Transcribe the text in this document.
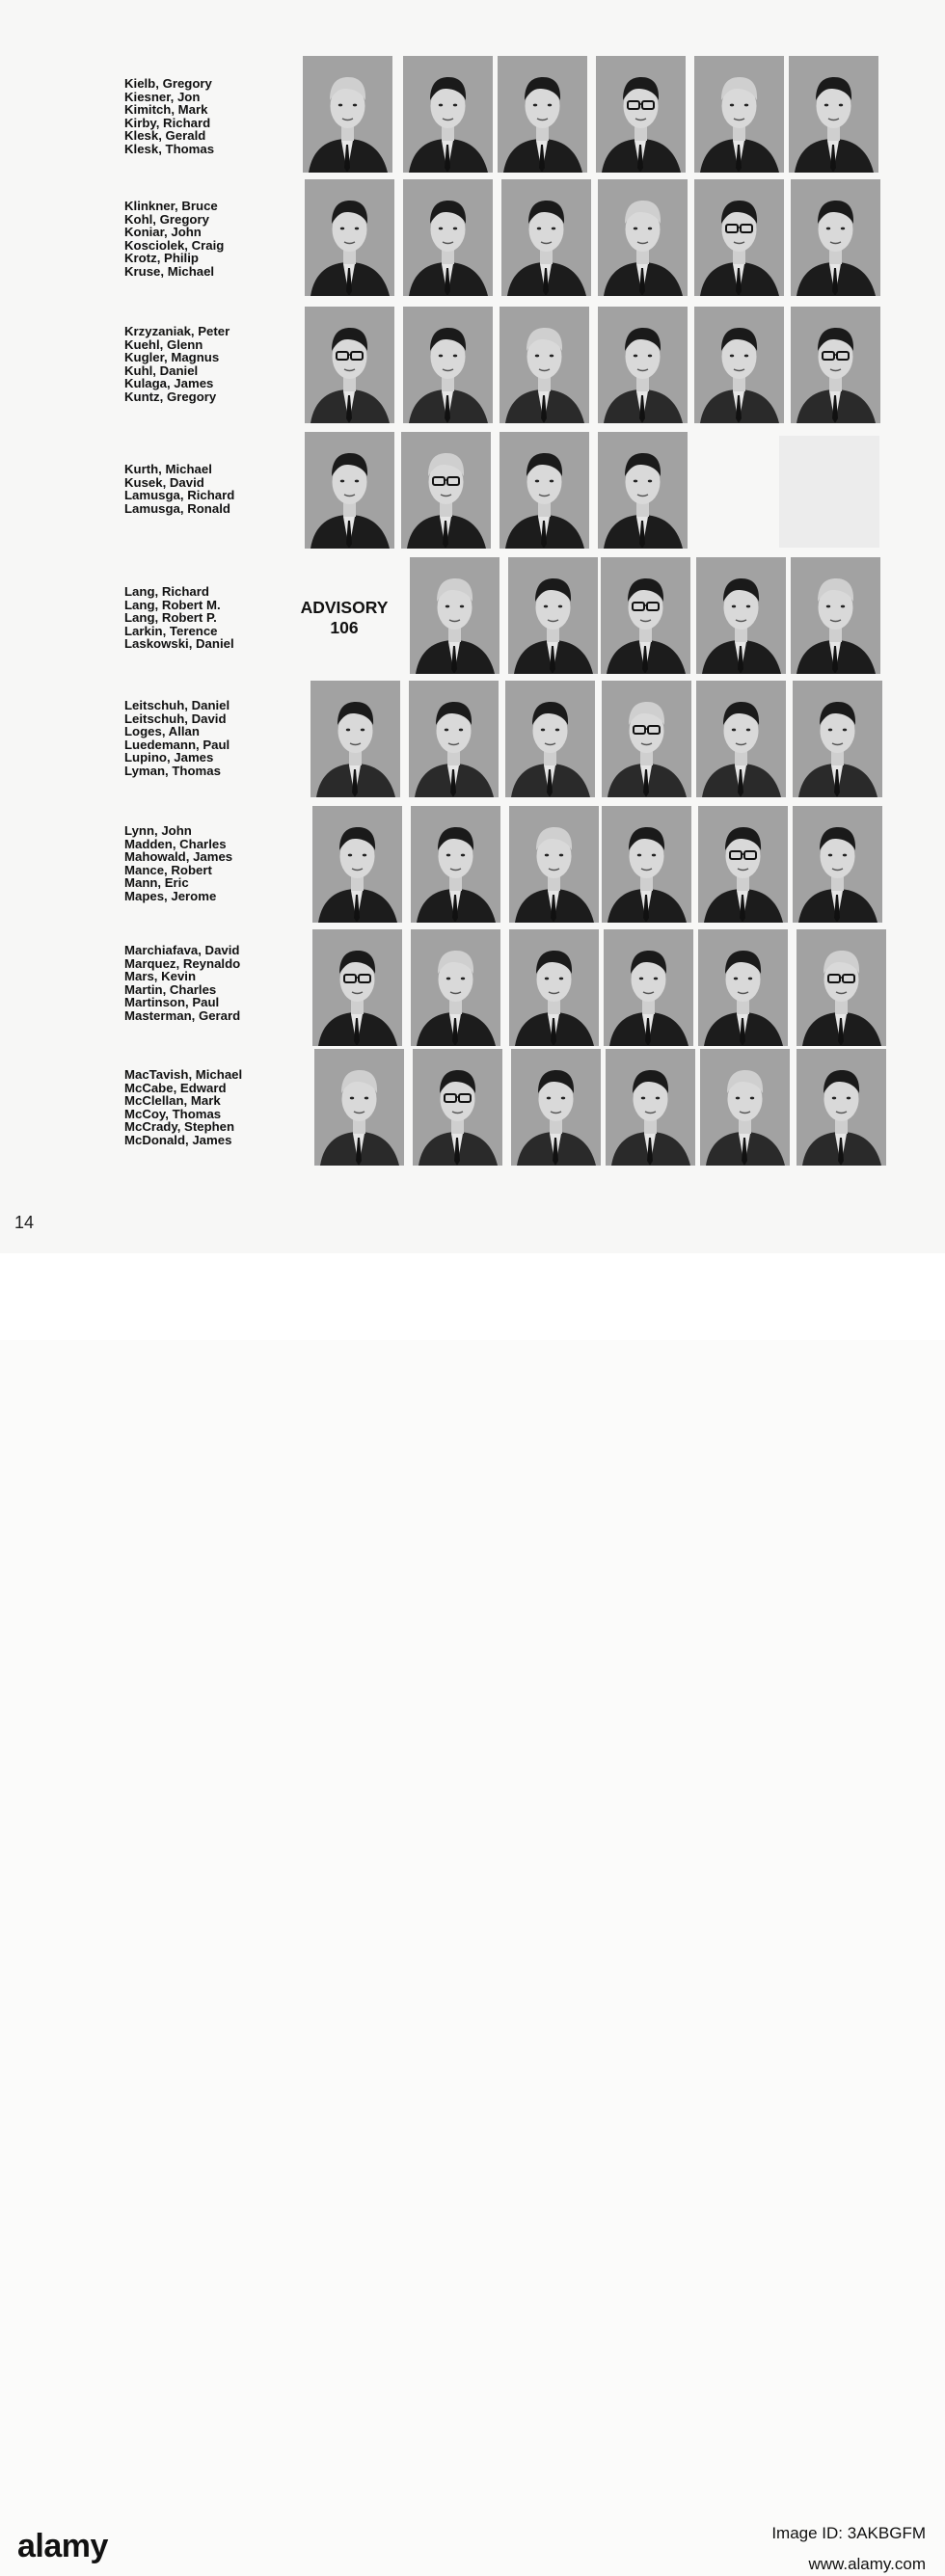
Kielb, Gregory
Kiesner, Jon
Kimitch, Mark
Kirby, Richard
Klesk, Gerald
Klesk, Thomas
Klinkner, Bruce
Kohl, Gregory
Koniar, John
Kosciolek, Craig
Krotz, Philip
Kruse, Michael
Krzyzaniak, Peter
Kuehl, Glenn
Kugler, Magnus
Kuhl, Daniel
Kulaga, James
Kuntz, Gregory
Kurth, Michael
Kusek, David
Lamusga, Richard
Lamusga, Ronald
Lang, Richard
Lang, Robert M.
Lang, Robert P.
Larkin, Terence
Laskowski, Daniel
Leitschuh, Daniel
Leitschuh, David
Loges, Allan
Luedemann, Paul
Lupino, James
Lyman, Thomas
Lynn, John
Madden, Charles
Mahowald, James
Mance, Robert
Mann, Eric
Mapes, Jerome
Marchiafava, David
Marquez, Reynaldo
Mars, Kevin
Martin, Charles
Martinson, Paul
Masterman, Gerard
MacTavish, Michael
McCabe, Edward
McClellan, Mark
McCoy, Thomas
McCrady, Stephen
McDonald, James
ADVISORY
106
14
alamy	Image ID: 3AKBGFM
www.alamy.com
